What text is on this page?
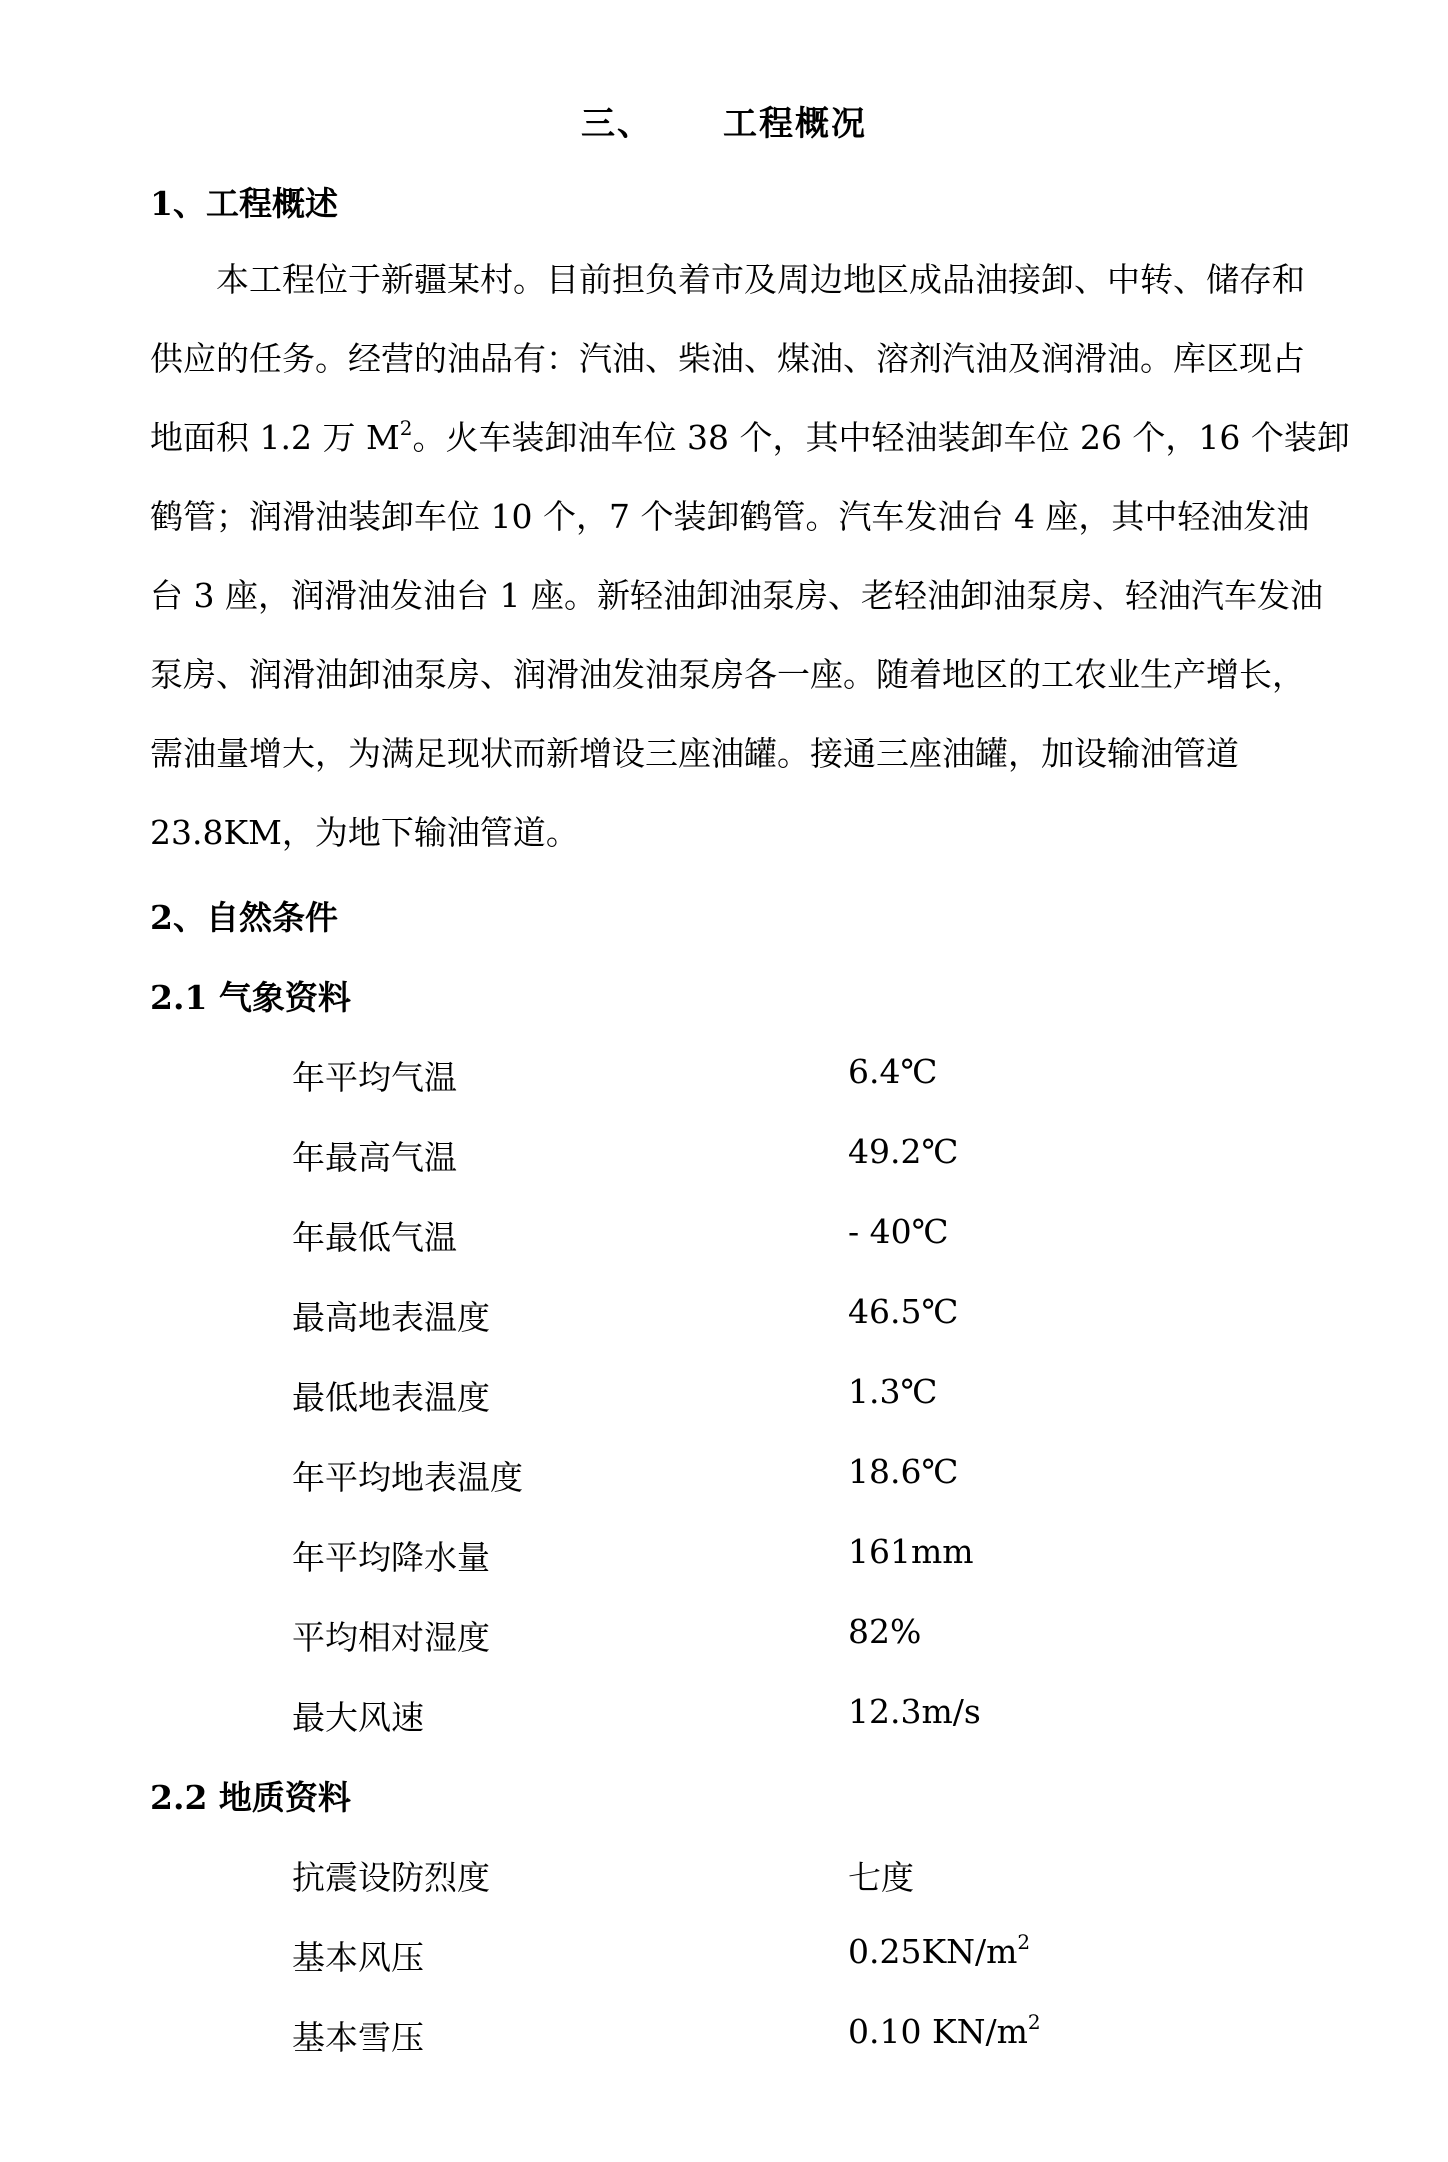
三、 工程概况
1、工程概述
本工程位于新疆某村。目前担负着市及周边地区成品油接卸、中转、储存和
供应的任务。经营的油品有：汽油、柴油、煤油、溶剂汽油及润滑油。库区现占
地面积 1.2 万 $M^2$。火车装卸油车位 38 个，其中轻油装卸车位 26 个，16 个装卸
鹤管；润滑油装卸车位 10 个，7 个装卸鹤管。汽车发油台 4 座，其中轻油发油
台 3 座，润滑油发油台 1 座。新轻油卸油泵房、老轻油卸油泵房、轻油汽车发油
泵房、润滑油卸油泵房、润滑油发油泵房各一座。随着地区的工农业生产增长，
需油量增大，为满足现状而新增设三座油罐。接通三座油罐，加设输油管道
23.8KM，为地下输油管道。
2、自然条件
2.1 气象资料
年平均气温	6.4℃
年最高气温	49.2℃
年最低气温	- 40℃
最高地表温度	46.5℃
最低地表温度	1.3℃
年平均地表温度	18.6℃
年平均降水量	161mm
平均相对湿度	82%
最大风速	12.3m/s
2.2 地质资料
抗震设防烈度	七度
基本风压	$0.25KN/m^2$
基本雪压	0.10 $KN/m^2$
